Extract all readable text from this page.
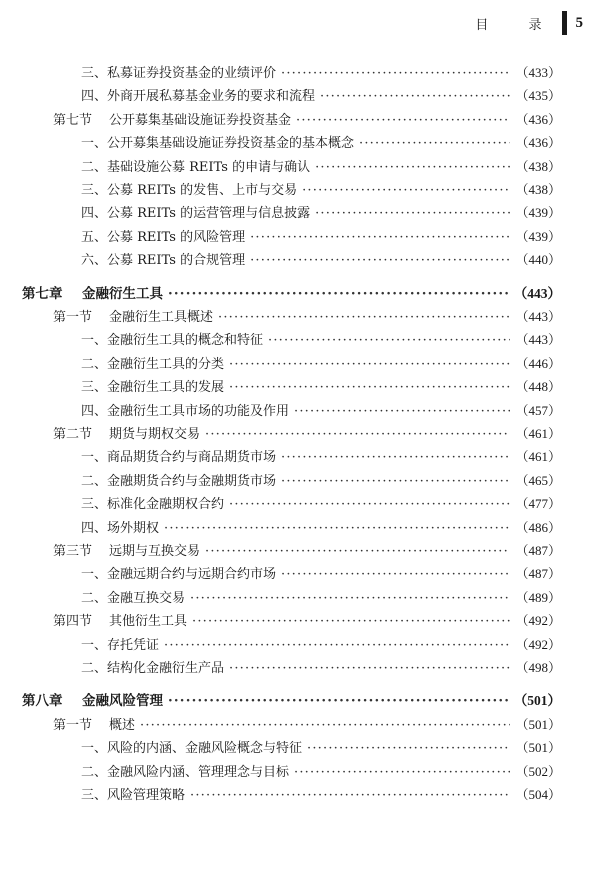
目 录 5
三、私募证券投资基金的业绩评价 ·····	（433）
四、外商开展私募基金业务的要求和流程 ·····	（435）
第七节 公开募集基础设施证券投资基金 ·····	（436）
一、公开募集基础设施证券投资基金的基本概念 ·····	（436）
二、基础设施公募 REITs 的申请与确认 ·····	（438）
三、公募 REITs 的发售、上市与交易 ·····	（438）
四、公募 REITs 的运营管理与信息披露 ·····	（439）
五、公募 REITs 的风险管理 ·····	（439）
六、公募 REITs 的合规管理 ·····	（440）
第七章 金融衍生工具 ·····	（443）
第一节 金融衍生工具概述 ·····	（443）
一、金融衍生工具的概念和特征 ·····	（443）
二、金融衍生工具的分类 ·····	（446）
三、金融衍生工具的发展 ·····	（448）
四、金融衍生工具市场的功能及作用 ·····	（457）
第二节 期货与期权交易 ·····	（461）
一、商品期货合约与商品期货市场 ·····	（461）
二、金融期货合约与金融期货市场 ·····	（465）
三、标准化金融期权合约 ·····	（477）
四、场外期权 ·····	（486）
第三节 远期与互换交易 ·····	（487）
一、金融远期合约与远期合约市场 ·····	（487）
二、金融互换交易 ·····	（489）
第四节 其他衍生工具 ·····	（492）
一、存托凭证 ·····	（492）
二、结构化金融衍生产品 ·····	（498）
第八章 金融风险管理 ·····	（501）
第一节 概述 ·····	（501）
一、风险的内涵、金融风险概念与特征 ·····	（501）
二、金融风险内涵、管理理念与目标 ·····	（502）
三、风险管理策略 ·····	（504）
